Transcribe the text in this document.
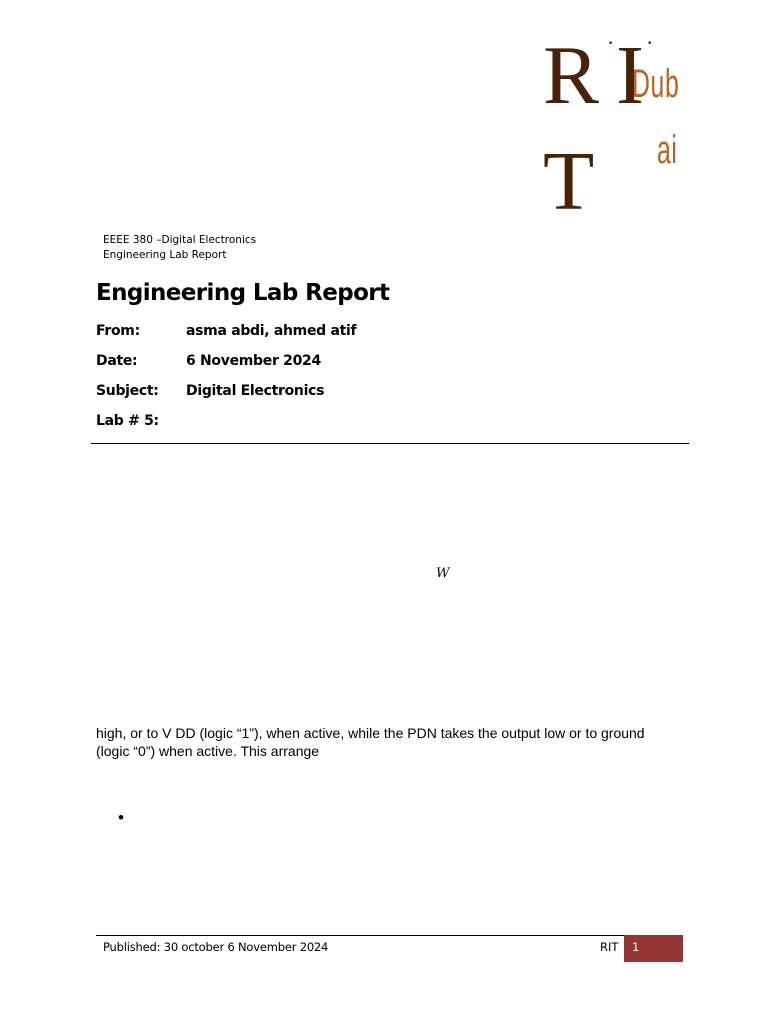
R I
· ·
T
Dub
ai
EEEE 380 –Digital Electronics
Engineering Lab Report
Engineering Lab Report
From:	asma abdi, ahmed atif
Date:	6 November 2024
Subject: Digital Electronics
Lab # 5:
W

high, or to V DD (logic “1”), when active, while the PDN takes the output low or to ground (logic “0”) when active. This arrange

•
Published: 30 october 6 November 2024	RIT 1
